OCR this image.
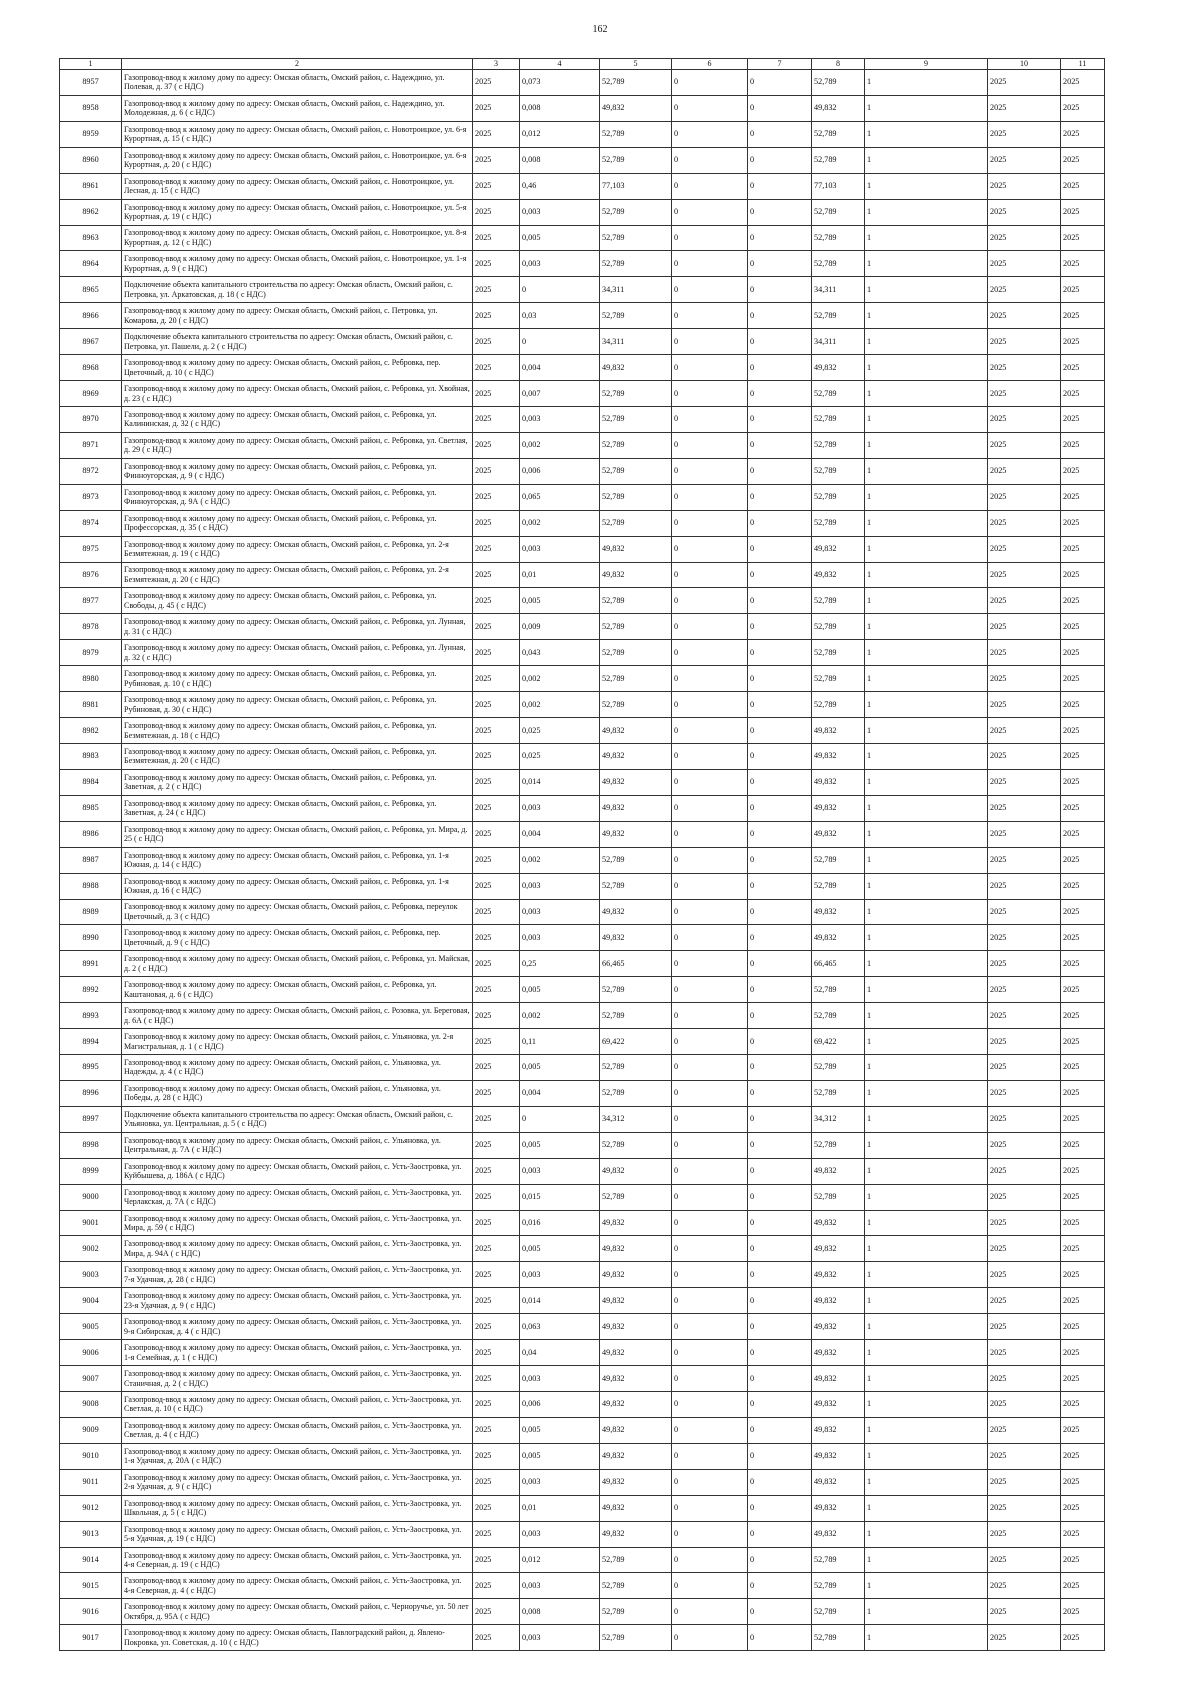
162
1	2	3	4	5	6	7	8	9	10	11
8957	Газопровод-ввод к жилому дому по адресу: Омская область, Омский район, с. Надеждино, ул. Полевая, д. 37 ( с НДС)	2025	0,073	52,789	0	0	52,789	1	2025	2025
8958	Газопровод-ввод к жилому дому по адресу: Омская область, Омский район, с. Надеждино, ул. Молодежная, д. 6 ( с НДС)	2025	0,008	49,832	0	0	49,832	1	2025	2025
8959	Газопровод-ввод к жилому дому по адресу: Омская область, Омский район, с. Новотроицкое, ул. 6-я Курортная, д. 15 ( с НДС)	2025	0,012	52,789	0	0	52,789	1	2025	2025
8960	Газопровод-ввод к жилому дому по адресу: Омская область, Омский район, с. Новотроицкое, ул. 6-я Курортная, д. 20 ( с НДС)	2025	0,008	52,789	0	0	52,789	1	2025	2025
8961	Газопровод-ввод к жилому дому по адресу: Омская область, Омский район, с. Новотроицкое, ул. Лесная, д. 15 ( с НДС)	2025	0,46	77,103	0	0	77,103	1	2025	2025
8962	Газопровод-ввод к жилому дому по адресу: Омская область, Омский район, с. Новотроицкое, ул. 5-я Курортная, д. 19 ( с НДС)	2025	0,003	52,789	0	0	52,789	1	2025	2025
8963	Газопровод-ввод к жилому дому по адресу: Омская область, Омский район, с. Новотроицкое, ул. 8-я Курортная, д. 12 ( с НДС)	2025	0,005	52,789	0	0	52,789	1	2025	2025
8964	Газопровод-ввод к жилому дому по адресу: Омская область, Омский район, с. Новотроицкое, ул. 1-я Курортная, д. 9 ( с НДС)	2025	0,003	52,789	0	0	52,789	1	2025	2025
8965	Подключение объекта капитального строительства по адресу: Омская область, Омский район, с. Петровка, ул. Аркатовская, д. 18 ( с НДС)	2025	0	34,311	0	0	34,311	1	2025	2025
8966	Газопровод-ввод к жилому дому по адресу: Омская область, Омский район, с. Петровка, ул. Комарова, д. 20 ( с НДС)	2025	0,03	52,789	0	0	52,789	1	2025	2025
8967	Подключение объекта капитального строительства по адресу: Омская область, Омский район, с. Петровка, ул. Пашели, д. 2 ( с НДС)	2025	0	34,311	0	0	34,311	1	2025	2025
8968	Газопровод-ввод к жилому дому по адресу: Омская область, Омский район, с. Ребровка, пер. Цветочный, д. 10 ( с НДС)	2025	0,004	49,832	0	0	49,832	1	2025	2025
8969	Газопровод-ввод к жилому дому по адресу: Омская область, Омский район, с. Ребровка, ул. Хвойная, д. 23 ( с НДС)	2025	0,007	52,789	0	0	52,789	1	2025	2025
8970	Газопровод-ввод к жилому дому по адресу: Омская область, Омский район, с. Ребровка, ул. Калининская, д. 32 ( с НДС)	2025	0,003	52,789	0	0	52,789	1	2025	2025
8971	Газопровод-ввод к жилому дому по адресу: Омская область, Омский район, с. Ребровка, ул. Светлая, д. 29 ( с НДС)	2025	0,002	52,789	0	0	52,789	1	2025	2025
8972	Газопровод-ввод к жилому дому по адресу: Омская область, Омский район, с. Ребровка, ул. Финноугорская, д. 9 ( с НДС)	2025	0,006	52,789	0	0	52,789	1	2025	2025
8973	Газопровод-ввод к жилому дому по адресу: Омская область, Омский район, с. Ребровка, ул. Финноугорская, д. 9А ( с НДС)	2025	0,065	52,789	0	0	52,789	1	2025	2025
8974	Газопровод-ввод к жилому дому по адресу: Омская область, Омский район, с. Ребровка, ул. Профессорская, д. 35 ( с НДС)	2025	0,002	52,789	0	0	52,789	1	2025	2025
8975	Газопровод-ввод к жилому дому по адресу: Омская область, Омский район, с. Ребровка, ул. 2-я Безмятежная, д. 19 ( с НДС)	2025	0,003	49,832	0	0	49,832	1	2025	2025
8976	Газопровод-ввод к жилому дому по адресу: Омская область, Омский район, с. Ребровка, ул. 2-я Безмятежная, д. 20 ( с НДС)	2025	0,01	49,832	0	0	49,832	1	2025	2025
8977	Газопровод-ввод к жилому дому по адресу: Омская область, Омский район, с. Ребровка, ул. Свободы, д. 45 ( с НДС)	2025	0,005	52,789	0	0	52,789	1	2025	2025
8978	Газопровод-ввод к жилому дому по адресу: Омская область, Омский район, с. Ребровка, ул. Лунная, д. 31 ( с НДС)	2025	0,009	52,789	0	0	52,789	1	2025	2025
8979	Газопровод-ввод к жилому дому по адресу: Омская область, Омский район, с. Ребровка, ул. Лунная, д. 32 ( с НДС)	2025	0,043	52,789	0	0	52,789	1	2025	2025
8980	Газопровод-ввод к жилому дому по адресу: Омская область, Омский район, с. Ребровка, ул. Рубиновая, д. 10 ( с НДС)	2025	0,002	52,789	0	0	52,789	1	2025	2025
8981	Газопровод-ввод к жилому дому по адресу: Омская область, Омский район, с. Ребровка, ул. Рубиновая, д. 30 ( с НДС)	2025	0,002	52,789	0	0	52,789	1	2025	2025
8982	Газопровод-ввод к жилому дому по адресу: Омская область, Омский район, с. Ребровка, ул. Безмятежная, д. 18 ( с НДС)	2025	0,025	49,832	0	0	49,832	1	2025	2025
8983	Газопровод-ввод к жилому дому по адресу: Омская область, Омский район, с. Ребровка, ул. Безмятежная, д. 20 ( с НДС)	2025	0,025	49,832	0	0	49,832	1	2025	2025
8984	Газопровод-ввод к жилому дому по адресу: Омская область, Омский район, с. Ребровка, ул. Заветная, д. 2 ( с НДС)	2025	0,014	49,832	0	0	49,832	1	2025	2025
8985	Газопровод-ввод к жилому дому по адресу: Омская область, Омский район, с. Ребровка, ул. Заветная, д. 24 ( с НДС)	2025	0,003	49,832	0	0	49,832	1	2025	2025
8986	Газопровод-ввод к жилому дому по адресу: Омская область, Омский район, с. Ребровка, ул. Мира, д. 25 ( с НДС)	2025	0,004	49,832	0	0	49,832	1	2025	2025
8987	Газопровод-ввод к жилому дому по адресу: Омская область, Омский район, с. Ребровка, ул. 1-я Южная, д. 14 ( с НДС)	2025	0,002	52,789	0	0	52,789	1	2025	2025
8988	Газопровод-ввод к жилому дому по адресу: Омская область, Омский район, с. Ребровка, ул. 1-я Южная, д. 16 ( с НДС)	2025	0,003	52,789	0	0	52,789	1	2025	2025
8989	Газопровод-ввод к жилому дому по адресу: Омская область, Омский район, с. Ребровка, переулок Цветочный, д. 3 ( с НДС)	2025	0,003	49,832	0	0	49,832	1	2025	2025
8990	Газопровод-ввод к жилому дому по адресу: Омская область, Омский район, с. Ребровка, пер. Цветочный, д. 9 ( с НДС)	2025	0,003	49,832	0	0	49,832	1	2025	2025
8991	Газопровод-ввод к жилому дому по адресу: Омская область, Омский район, с. Ребровка, ул. Майская, д. 2 ( с НДС)	2025	0,25	66,465	0	0	66,465	1	2025	2025
8992	Газопровод-ввод к жилому дому по адресу: Омская область, Омский район, с. Ребровка, ул. Каштановая, д. 6 ( с НДС)	2025	0,005	52,789	0	0	52,789	1	2025	2025
8993	Газопровод-ввод к жилому дому по адресу: Омская область, Омский район, с. Розовка, ул. Береговая, д. 6А ( с НДС)	2025	0,002	52,789	0	0	52,789	1	2025	2025
8994	Газопровод-ввод к жилому дому по адресу: Омская область, Омский район, с. Ульяновка, ул. 2-я Магистральная, д. 1 ( с НДС)	2025	0,11	69,422	0	0	69,422	1	2025	2025
8995	Газопровод-ввод к жилому дому по адресу: Омская область, Омский район, с. Ульяновка, ул. Надежды, д. 4 ( с НДС)	2025	0,005	52,789	0	0	52,789	1	2025	2025
8996	Газопровод-ввод к жилому дому по адресу: Омская область, Омский район, с. Ульяновка, ул. Победы, д. 28 ( с НДС)	2025	0,004	52,789	0	0	52,789	1	2025	2025
8997	Подключение объекта капитального строительства по адресу: Омская область, Омский район, с. Ульяновка, ул. Центральная, д. 5 ( с НДС)	2025	0	34,312	0	0	34,312	1	2025	2025
8998	Газопровод-ввод к жилому дому по адресу: Омская область, Омский район, с. Ульяновка, ул. Центральная, д. 7А ( с НДС)	2025	0,005	52,789	0	0	52,789	1	2025	2025
8999	Газопровод-ввод к жилому дому по адресу: Омская область, Омский район, с. Усть-Заостровка, ул. Куйбышева, д. 186А ( с НДС)	2025	0,003	49,832	0	0	49,832	1	2025	2025
9000	Газопровод-ввод к жилому дому по адресу: Омская область, Омский район, с. Усть-Заостровка, ул. Черлакская, д. 7А ( с НДС)	2025	0,015	52,789	0	0	52,789	1	2025	2025
9001	Газопровод-ввод к жилому дому по адресу: Омская область, Омский район, с. Усть-Заостровка, ул. Мира, д. 59 ( с НДС)	2025	0,016	49,832	0	0	49,832	1	2025	2025
9002	Газопровод-ввод к жилому дому по адресу: Омская область, Омский район, с. Усть-Заостровка, ул. Мира, д. 94А ( с НДС)	2025	0,005	49,832	0	0	49,832	1	2025	2025
9003	Газопровод-ввод к жилому дому по адресу: Омская область, Омский район, с. Усть-Заостровка, ул. 7-я Удачная, д. 28 ( с НДС)	2025	0,003	49,832	0	0	49,832	1	2025	2025
9004	Газопровод-ввод к жилому дому по адресу: Омская область, Омский район, с. Усть-Заостровка, ул. 23-я Удачная, д. 9 ( с НДС)	2025	0,014	49,832	0	0	49,832	1	2025	2025
9005	Газопровод-ввод к жилому дому по адресу: Омская область, Омский район, с. Усть-Заостровка, ул. 9-я Сибирская, д. 4 ( с НДС)	2025	0,063	49,832	0	0	49,832	1	2025	2025
9006	Газопровод-ввод к жилому дому по адресу: Омская область, Омский район, с. Усть-Заостровка, ул. 1-я Семейная, д. 1 ( с НДС)	2025	0,04	49,832	0	0	49,832	1	2025	2025
9007	Газопровод-ввод к жилому дому по адресу: Омская область, Омский район, с. Усть-Заостровка, ул. Станичная, д. 2 ( с НДС)	2025	0,003	49,832	0	0	49,832	1	2025	2025
9008	Газопровод-ввод к жилому дому по адресу: Омская область, Омский район, с. Усть-Заостровка, ул. Светлая, д. 10 ( с НДС)	2025	0,006	49,832	0	0	49,832	1	2025	2025
9009	Газопровод-ввод к жилому дому по адресу: Омская область, Омский район, с. Усть-Заостровка, ул. Светлая, д. 4 ( с НДС)	2025	0,005	49,832	0	0	49,832	1	2025	2025
9010	Газопровод-ввод к жилому дому по адресу: Омская область, Омский район, с. Усть-Заостровка, ул. 1-я Удачная, д. 20А ( с НДС)	2025	0,005	49,832	0	0	49,832	1	2025	2025
9011	Газопровод-ввод к жилому дому по адресу: Омская область, Омский район, с. Усть-Заостровка, ул. 2-я Удачная, д. 9 ( с НДС)	2025	0,003	49,832	0	0	49,832	1	2025	2025
9012	Газопровод-ввод к жилому дому по адресу: Омская область, Омский район, с. Усть-Заостровка, ул. Школьная, д. 5 ( с НДС)	2025	0,01	49,832	0	0	49,832	1	2025	2025
9013	Газопровод-ввод к жилому дому по адресу: Омская область, Омский район, с. Усть-Заостровка, ул. 5-я Удачная, д. 19 ( с НДС)	2025	0,003	49,832	0	0	49,832	1	2025	2025
9014	Газопровод-ввод к жилому дому по адресу: Омская область, Омский район, с. Усть-Заостровка, ул. 4-я Северная, д. 19 ( с НДС)	2025	0,012	52,789	0	0	52,789	1	2025	2025
9015	Газопровод-ввод к жилому дому по адресу: Омская область, Омский район, с. Усть-Заостровка, ул. 4-я Северная, д. 4 ( с НДС)	2025	0,003	52,789	0	0	52,789	1	2025	2025
9016	Газопровод-ввод к жилому дому по адресу: Омская область, Омский район, с. Черноручье, ул. 50 лет Октября, д. 95А ( с НДС)	2025	0,008	52,789	0	0	52,789	1	2025	2025
9017	Газопровод-ввод к жилому дому по адресу: Омская область, Павлоградский район, д. Явлено-Покровка, ул. Советская, д. 10 ( с НДС)	2025	0,003	52,789	0	0	52,789	1	2025	2025
